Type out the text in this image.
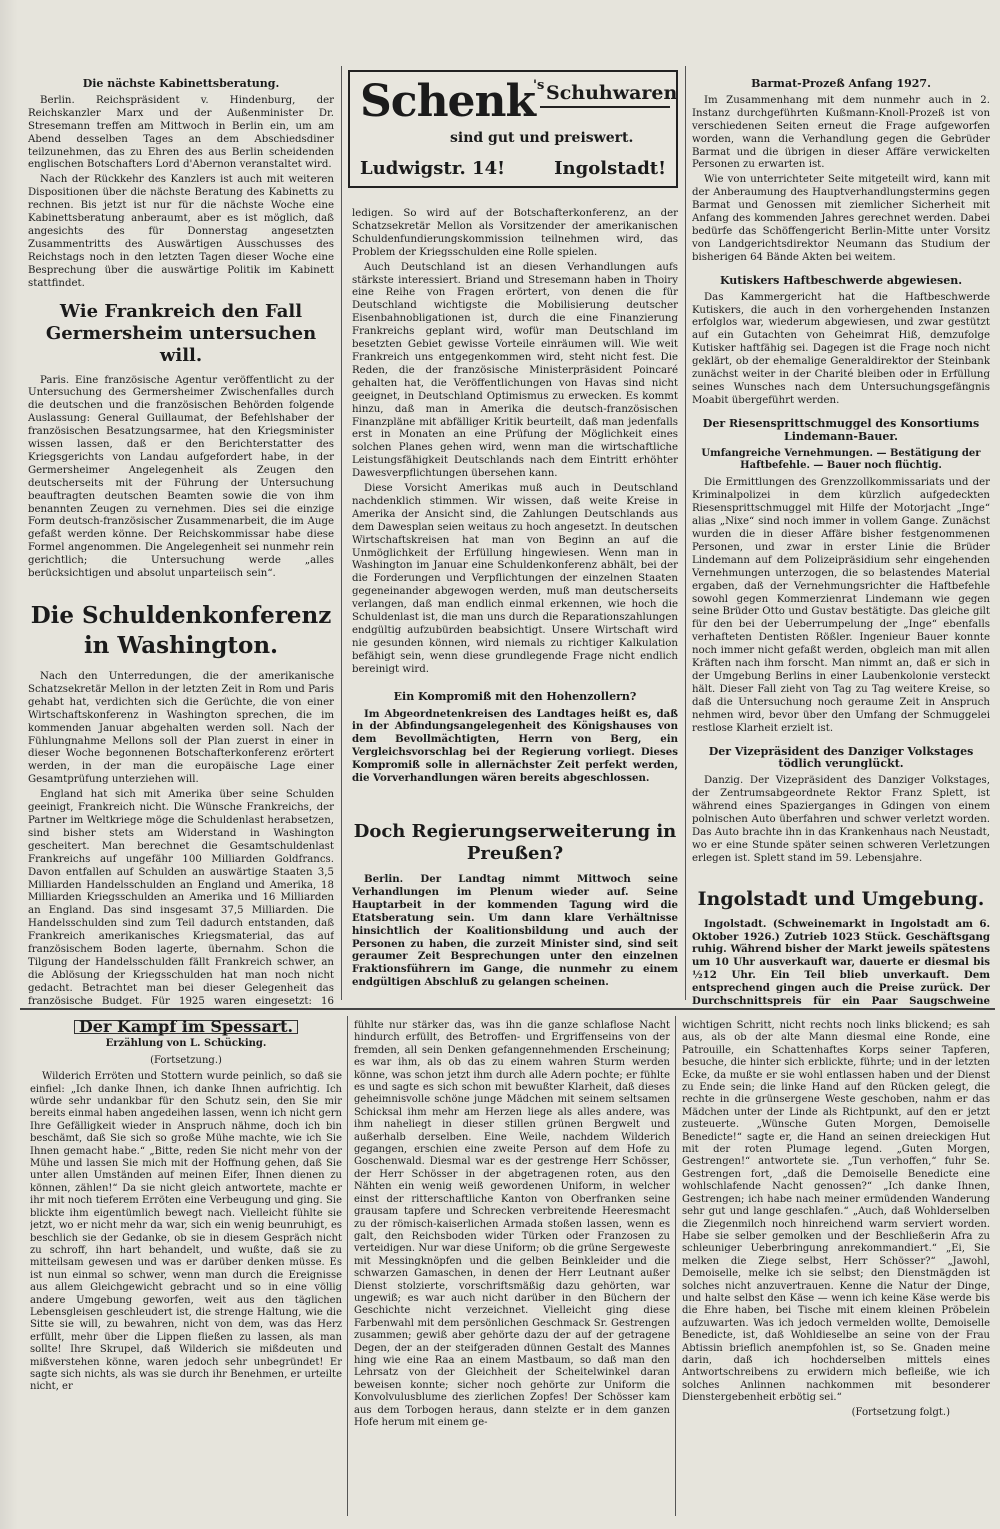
Die nächste Kabinettsberatung.

Berlin. Reichspräsident v. Hindenburg, der Reichskanzler Marx und der Außenminister Dr. Stresemann treffen am Mittwoch in Berlin ein, um am Abend desselben Tages an dem Abschiedsdiner teilzunehmen, das zu Ehren des aus Berlin scheidenden englischen Botschafters Lord d'Abernon veranstaltet wird.

Nach der Rückkehr des Kanzlers ist auch mit weiteren Dispositionen über die nächste Beratung des Kabinetts zu rechnen. Bis jetzt ist nur für die nächste Woche eine Kabinettsberatung anberaumt, aber es ist möglich, daß angesichts des für Donnerstag angesetzten Zusammentritts des Auswärtigen Ausschusses des Reichstags noch in den letzten Tagen dieser Woche eine Besprechung über die auswärtige Politik im Kabinett stattfindet.

Wie Frankreich den Fall Germersheim untersuchen will.

Paris. Eine französische Agentur veröffentlicht zu der Untersuchung des Germersheimer Zwischenfalles durch die deutschen und die französischen Behörden folgende Auslassung: General Guillaumat, der Befehlshaber der französischen Besatzungsarmee, hat den Kriegsminister wissen lassen, daß er den Berichterstatter des Kriegsgerichts von Landau aufgefordert habe, in der Germersheimer Angelegenheit als Zeugen den deutscherseits mit der Führung der Untersuchung beauftragten deutschen Beamten sowie die von ihm benannten Zeugen zu vernehmen. Dies sei die einzige Form deutsch-französischer Zusammenarbeit, die im Auge gefaßt werden könne. Der Reichskommissar habe diese Formel angenommen. Die Angelegenheit sei nunmehr rein gerichtlich; die Untersuchung werde „alles berücksichtigen und absolut unparteiisch sein“.

Die Schuldenkonferenz in Washington.

Nach den Unterredungen, die der amerikanische Schatzsekretär Mellon in der letzten Zeit in Rom und Paris gehabt hat, verdichten sich die Gerüchte, die von einer Wirtschaftskonferenz in Washington sprechen, die im kommenden Januar abgehalten werden soll. Nach der Fühlungnahme Mellons soll der Plan zuerst in einer in dieser Woche begonnenen Botschafterkonferenz erörtert werden, in der man die europäische Lage einer Gesamtprüfung unterziehen will.

England hat sich mit Amerika über seine Schulden geeinigt, Frankreich nicht. Die Wünsche Frankreichs, der Partner im Weltkriege möge die Schuldenlast herabsetzen, sind bisher stets am Widerstand in Washington gescheitert. Man berechnet die Gesamtschuldenlast Frankreichs auf ungefähr 100 Milliarden Goldfrancs. Davon entfallen auf Schulden an auswärtige Staaten 3,5 Milliarden Handelsschulden an England und Amerika, 18 Milliarden Kriegsschulden an Amerika und 16 Milliarden an England. Das sind insgesamt 37,5 Milliarden. Die Handelsschulden sind zum Teil dadurch entstanden, daß Frankreich amerikanisches Kriegsmaterial, das auf französischem Boden lagerte, übernahm. Schon die Tilgung der Handelsschulden fällt Frankreich schwer, an die Ablösung der Kriegsschulden hat man noch nicht gedacht. Betrachtet man bei dieser Gelegenheit das französische Budget. Für 1925 waren eingesetzt: 16

Schenk
's Schuhwaren
sind gut und preiswert.
Ludwigstr. 14!	Ingolstadt!

ledigen. So wird auf der Botschafterkonferenz, an der Schatzsekretär Mellon als Vorsitzender der amerikanischen Schuldenfundierungskommission teilnehmen wird, das Problem der Kriegsschulden eine Rolle spielen.

Auch Deutschland ist an diesen Verhandlungen aufs stärkste interessiert. Briand und Stresemann haben in Thoiry eine Reihe von Fragen erörtert, von denen die für Deutschland wichtigste die Mobilisierung deutscher Eisenbahnobligationen ist, durch die eine Finanzierung Frankreichs geplant wird, wofür man Deutschland im besetzten Gebiet gewisse Vorteile einräumen will. Wie weit Frankreich uns entgegenkommen wird, steht nicht fest. Die Reden, die der französische Ministerpräsident Poincaré gehalten hat, die Veröffentlichungen von Havas sind nicht geeignet, in Deutschland Optimismus zu erwecken. Es kommt hinzu, daß man in Amerika die deutsch-französischen Finanzpläne mit abfälliger Kritik beurteilt, daß man jedenfalls erst in Monaten an eine Prüfung der Möglichkeit eines solchen Planes gehen wird, wenn man die wirtschaftliche Leistungsfähigkeit Deutschlands nach dem Eintritt erhöhter Dawesverpflichtungen übersehen kann.

Diese Vorsicht Amerikas muß auch in Deutschland nachdenklich stimmen. Wir wissen, daß weite Kreise in Amerika der Ansicht sind, die Zahlungen Deutschlands aus dem Dawesplan seien weitaus zu hoch angesetzt. In deutschen Wirtschaftskreisen hat man von Beginn an auf die Unmöglichkeit der Erfüllung hingewiesen. Wenn man in Washington im Januar eine Schuldenkonferenz abhält, bei der die Forderungen und Verpflichtungen der einzelnen Staaten gegeneinander abgewogen werden, muß man deutscherseits verlangen, daß man endlich einmal erkennen, wie hoch die Schuldenlast ist, die man uns durch die Reparationszahlungen endgültig aufzubürden beabsichtigt. Unsere Wirtschaft wird nie gesunden können, wird niemals zu richtiger Kalkulation befähigt sein, wenn diese grundlegende Frage nicht endlich bereinigt wird.

Ein Kompromiß mit den Hohenzollern?

Im Abgeordnetenkreisen des Landtages heißt es, daß in der Abfindungsangelegenheit des Königshauses von dem Bevollmächtigten, Herrn von Berg, ein Vergleichsvorschlag bei der Regierung vorliegt. Dieses Kompromiß solle in allernächster Zeit perfekt werden, die Vorverhandlungen wären bereits abgeschlossen.

Doch Regierungserweiterung in Preußen?

Berlin. Der Landtag nimmt Mittwoch seine Verhandlungen im Plenum wieder auf. Seine Hauptarbeit in der kommenden Tagung wird die Etatsberatung sein. Um dann klare Verhältnisse hinsichtlich der Koalitionsbildung und auch der Personen zu haben, die zurzeit Minister sind, sind seit geraumer Zeit Besprechungen unter den einzelnen Fraktionsführern im Gange, die nunmehr zu einem endgültigen Abschluß zu gelangen scheinen.

Barmat-Prozeß Anfang 1927.

Im Zusammenhang mit dem nunmehr auch in 2. Instanz durchgeführten Kußmann-Knoll-Prozeß ist von verschiedenen Seiten erneut die Frage aufgeworfen worden, wann die Verhandlung gegen die Gebrüder Barmat und die übrigen in dieser Affäre verwickelten Personen zu erwarten ist.

Wie von unterrichteter Seite mitgeteilt wird, kann mit der Anberaumung des Hauptverhandlungstermins gegen Barmat und Genossen mit ziemlicher Sicherheit mit Anfang des kommenden Jahres gerechnet werden. Dabei bedürfe das Schöffengericht Berlin-Mitte unter Vorsitz von Landgerichtsdirektor Neumann das Studium der bisherigen 64 Bände Akten bei weitem.

Kutiskers Haftbeschwerde abgewiesen.

Das Kammergericht hat die Haftbeschwerde Kutiskers, die auch in den vorhergehenden Instanzen erfolglos war, wiederum abgewiesen, und zwar gestützt auf ein Gutachten von Geheimrat Hiß, demzufolge Kutisker haftfähig sei. Dagegen ist die Frage noch nicht geklärt, ob der ehemalige Generaldirektor der Steinbank zunächst weiter in der Charité bleiben oder in Erfüllung seines Wunsches nach dem Untersuchungsgefängnis Moabit übergeführt werden.

Der Riesensprittschmuggel des Konsortiums Lindemann-Bauer.
Umfangreiche Vernehmungen. — Bestätigung der Haftbefehle. — Bauer noch flüchtig.

Die Ermittlungen des Grenzzollkommissariats und der Kriminalpolizei in dem kürzlich aufgedeckten Riesensprittschmuggel mit Hilfe der Motorjacht „Inge“ alias „Nixe“ sind noch immer in vollem Gange. Zunächst wurden die in dieser Affäre bisher festgenommenen Personen, und zwar in erster Linie die Brüder Lindemann auf dem Polizeipräsidium sehr eingehenden Vernehmungen unterzogen, die so belastendes Material ergaben, daß der Vernehmungsrichter die Haftbefehle sowohl gegen Kommerzienrat Lindemann wie gegen seine Brüder Otto und Gustav bestätigte. Das gleiche gilt für den bei der Ueberrumpelung der „Inge“ ebenfalls verhafteten Dentisten Rößler. Ingenieur Bauer konnte noch immer nicht gefaßt werden, obgleich man mit allen Kräften nach ihm forscht. Man nimmt an, daß er sich in der Umgebung Berlins in einer Laubenkolonie versteckt hält. Dieser Fall zieht von Tag zu Tag weitere Kreise, so daß die Untersuchung noch geraume Zeit in Anspruch nehmen wird, bevor über den Umfang der Schmuggelei restlose Klarheit erzielt ist.

Der Vizepräsident des Danziger Volkstages tödlich verunglückt.

Danzig. Der Vizepräsident des Danziger Volkstages, der Zentrumsabgeordnete Rektor Franz Splett, ist während eines Spazierganges in Gdingen von einem polnischen Auto überfahren und schwer verletzt worden. Das Auto brachte ihn in das Krankenhaus nach Neustadt, wo er eine Stunde später seinen schweren Verletzungen erlegen ist. Splett stand im 59. Lebensjahre.

Ingolstadt und Umgebung.

Ingolstadt. (Schweinemarkt in Ingolstadt am 6. Oktober 1926.) Zutrieb 1023 Stück. Geschäftsgang ruhig. Während bisher der Markt jeweils spätestens um 10 Uhr ausverkauft war, dauerte er diesmal bis ½12 Uhr. Ein Teil blieb unverkauft. Dem entsprechend gingen auch die Preise zurück. Der Durchschnittspreis für ein Paar Saugschweine

Der Kampf im Spessart.
Erzählung von L. Schücking.
(Fortsetzung.)

Wilderich Erröten und Stottern wurde peinlich, so daß sie einfiel: „Ich danke Ihnen, ich danke Ihnen aufrichtig. Ich würde sehr undankbar für den Schutz sein, den Sie mir bereits einmal haben angedeihen lassen, wenn ich nicht gern Ihre Gefälligkeit wieder in Anspruch nähme, doch ich bin beschämt, daß Sie sich so große Mühe machte, wie ich Sie Ihnen gemacht habe.“ „Bitte, reden Sie nicht mehr von der Mühe und lassen Sie mich mit der Hoffnung gehen, daß Sie unter allen Umständen auf meinen Eifer, Ihnen dienen zu können, zählen!“ Da sie nicht gleich antwortete, machte er ihr mit noch tieferem Erröten eine Verbeugung und ging. Sie blickte ihm eigentümlich bewegt nach. Vielleicht fühlte sie jetzt, wo er nicht mehr da war, sich ein wenig beunruhigt, es beschlich sie der Gedanke, ob sie in diesem Gespräch nicht zu schroff, ihn hart behandelt, und wußte, daß sie zu mitteilsam gewesen und was er darüber denken müsse. Es ist nun einmal so schwer, wenn man durch die Ereignisse aus allem Gleichgewicht gebracht und so in eine völlig andere Umgebung geworfen, weit aus den täglichen Lebensgleisen geschleudert ist, die strenge Haltung, wie die Sitte sie will, zu bewahren, nicht von dem, was das Herz erfüllt, mehr über die Lippen fließen zu lassen, als man sollte! Ihre Skrupel, daß Wilderich sie mißdeuten und mißverstehen könne, waren jedoch sehr unbegründet! Er sagte sich nichts, als was sie durch ihr Benehmen, er urteilte nicht, er

fühlte nur stärker das, was ihn die ganze schlaflose Nacht hindurch erfüllt, des Betroffen- und Ergriffenseins von der fremden, all sein Denken gefangennehmenden Erscheinung; es war ihm, als ob das zu einem wahren Sturm werden könne, was schon jetzt ihm durch alle Adern pochte; er fühlte es und sagte es sich schon mit bewußter Klarheit, daß dieses geheimnisvolle schöne junge Mädchen mit seinem seltsamen Schicksal ihm mehr am Herzen liege als alles andere, was ihm naheliegt in dieser stillen grünen Bergwelt und außerhalb derselben. Eine Weile, nachdem Wilderich gegangen, erschien eine zweite Person auf dem Hofe zu Goschenwald. Diesmal war es der gestrenge Herr Schösser, der Herr Schösser in der abgetragenen roten, aus den Nähten ein wenig weiß gewordenen Uniform, in welcher einst der ritterschaftliche Kanton von Oberfranken seine grausam tapfere und Schrecken verbreitende Heeresmacht zu der römisch-kaiserlichen Armada stoßen lassen, wenn es galt, den Reichsboden wider Türken oder Franzosen zu verteidigen. Nur war diese Uniform; ob die grüne Sergeweste mit Messingknöpfen und die gelben Beinkleider und die schwarzen Gamaschen, in denen der Herr Leutnant außer Dienst stolzierte, vorschriftsmäßig dazu gehörten, war ungewiß; es war auch nicht darüber in den Büchern der Geschichte nicht verzeichnet. Vielleicht ging diese Farbenwahl mit dem persönlichen Geschmack Sr. Gestrengen zusammen; gewiß aber gehörte dazu der auf der getragene Degen, der an der steifgeraden dünnen Gestalt des Mannes hing wie eine Raa an einem Mastbaum, so daß man den Lehrsatz von der Gleichheit der Scheitelwinkel daran beweisen konnte; sicher noch gehörte zur Uniform die Konvolvulusblume des zierlichen Zopfes! Der Schösser kam aus dem Torbogen heraus, dann stelzte er in dem ganzen Hofe herum mit einem ge-

wichtigen Schritt, nicht rechts noch links blickend; es sah aus, als ob der alte Mann diesmal eine Ronde, eine Patrouille, ein Schattenhaftes Korps seiner Tapferen, besuche, die hinter sich erblickte, führte; und in der letzten Ecke, da mußte er sie wohl entlassen haben und der Dienst zu Ende sein; die linke Hand auf den Rücken gelegt, die rechte in die grünsergene Weste geschoben, nahm er das Mädchen unter der Linde als Richtpunkt, auf den er jetzt zusteuerte. „Wünsche Guten Morgen, Demoiselle Benedicte!“ sagte er, die Hand an seinen dreieckigen Hut mit der roten Plumage legend. „Guten Morgen, Gestrengen!“ antwortete sie. „Tun verhoffen,“ fuhr Se. Gestrengen fort, „daß die Demoiselle Benedicte eine wohlschlafende Nacht genossen?“ „Ich danke Ihnen, Gestrengen; ich habe nach meiner ermüdenden Wanderung sehr gut und lange geschlafen.“ „Auch, daß Wohlderselben die Ziegenmilch noch hinreichend warm serviert worden. Habe sie selber gemolken und der Beschließerin Afra zu schleuniger Ueberbringung anrekommandiert.“ „Ei, Sie melken die Ziege selbst, Herr Schösser?“ „Jawohl, Demoiselle, melke ich sie selbst; den Dienstmägden ist solches nicht anzuvertrauen. Kenne die Natur der Dinge, und halte selbst den Käse — wenn ich keine Käse werde bis die Ehre haben, bei Tische mit einem kleinen Pröbelein aufzuwarten. Was ich jedoch vermelden wollte, Demoiselle Benedicte, ist, daß Wohldieselbe an seine von der Frau Abtissin brieflich anempfohlen ist, so Se. Gnaden meine darin, daß ich hochderselben mittels eines Antwortschreibens zu erwidern mich befleiße, wie ich solches Anlinnen nachkommen mit besonderer Dienstergebenheit erbötig sei.“

(Fortsetzung folgt.)
